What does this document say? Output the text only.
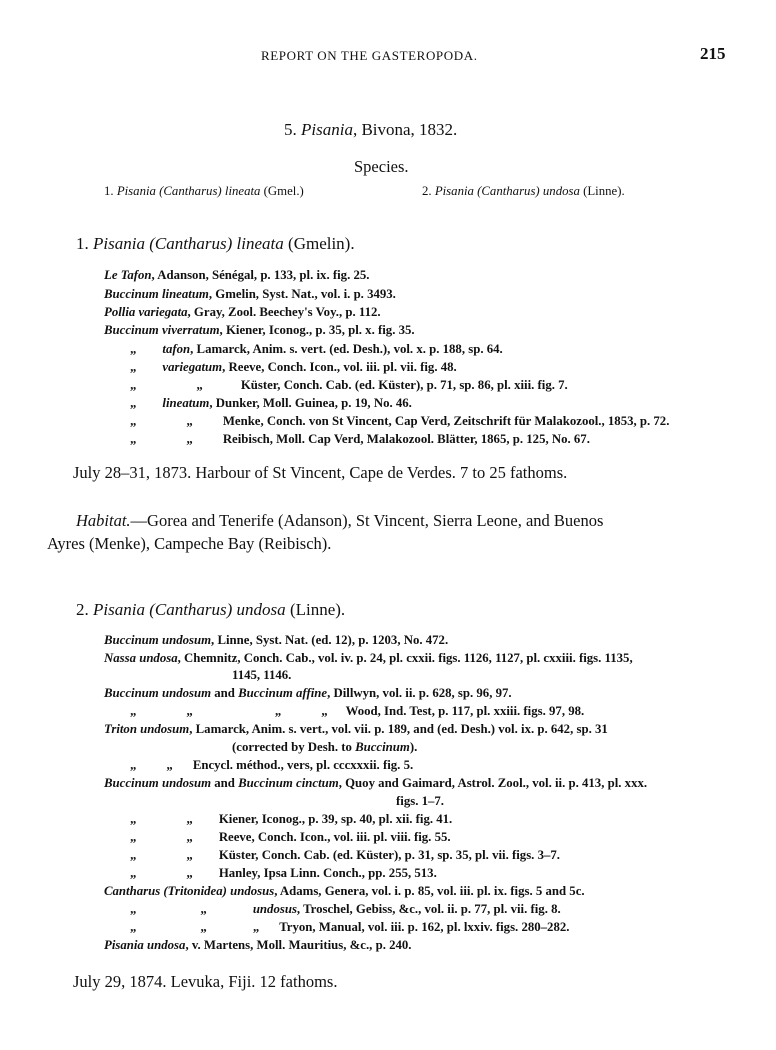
REPORT ON THE GASTEROPODA.	215
5. Pisania, Bivona, 1832.
Species.
1. Pisania (Cantharus) lineata (Gmel.)	2. Pisania (Cantharus) undosa (Linne).
1. Pisania (Cantharus) lineata (Gmelin).
Le Tafon, Adanson, Sénégal, p. 133, pl. ix. fig. 25.
Buccinum lineatum, Gmelin, Syst. Nat., vol. i. p. 3493.
Pollia variegata, Gray, Zool. Beechey's Voy., p. 112.
Buccinum viverratum, Kiener, Iconog., p. 35, pl. x. fig. 35.
„ tafon, Lamarck, Anim. s. vert. (ed. Desh.), vol. x. p. 188, sp. 64.
„ variegatum, Reeve, Conch. Icon., vol. iii. pl. vii. fig. 48.
„	„	Küster, Conch. Cab. (ed. Küster), p. 71, sp. 86, pl. xiii. fig. 7.
„ lineatum, Dunker, Moll. Guinea, p. 19, No. 46.
„	„ Menke, Conch. von St Vincent, Cap Verd, Zeitschrift für Malakozool., 1853, p. 72.
„	„ Reibisch, Moll. Cap Verd, Malakozool. Blätter, 1865, p. 125, No. 67.
July 28–31, 1873. Harbour of St Vincent, Cape de Verdes. 7 to 25 fathoms.
Habitat.—Gorea and Tenerife (Adanson), St Vincent, Sierra Leone, and Buenos
Ayres (Menke), Campeche Bay (Reibisch).
2. Pisania (Cantharus) undosa (Linne).
Buccinum undosum, Linne, Syst. Nat. (ed. 12), p. 1203, No. 472.
Nassa undosa, Chemnitz, Conch. Cab., vol. iv. p. 24, pl. cxxii. figs. 1126, 1127, pl. cxxiii. figs. 1135,
1145, 1146.
Buccinum undosum and Buccinum affine, Dillwyn, vol. ii. p. 628, sp. 96, 97.
„	„	„	„ Wood, Ind. Test, p. 117, pl. xxiii. figs. 97, 98.
Triton undosum, Lamarck, Anim. s. vert., vol. vii. p. 189, and (ed. Desh.) vol. ix. p. 642, sp. 31
(corrected by Desh. to Buccinum).
„ „ Encycl. méthod., vers, pl. cccxxxii. fig. 5.
Buccinum undosum and Buccinum cinctum, Quoy and Gaimard, Astrol. Zool., vol. ii. p. 413, pl. xxx.
figs. 1–7.
„	„ Kiener, Iconog., p. 39, sp. 40, pl. xii. fig. 41.
„	„ Reeve, Conch. Icon., vol. iii. pl. viii. fig. 55.
„	„ Küster, Conch. Cab. (ed. Küster), p. 31, sp. 35, pl. vii. figs. 3–7.
„	„ Hanley, Ipsa Linn. Conch., pp. 255, 513.
Cantharus (Tritonidea) undosus, Adams, Genera, vol. i. p. 85, vol. iii. pl. ix. figs. 5 and 5c.
„	„	undosus, Troschel, Gebiss, &c., vol. ii. p. 77, pl. vii. fig. 8.
„	„	„ Tryon, Manual, vol. iii. p. 162, pl. lxxiv. figs. 280–282.
Pisania undosa, v. Martens, Moll. Mauritius, &c., p. 240.
July 29, 1874. Levuka, Fiji. 12 fathoms.
